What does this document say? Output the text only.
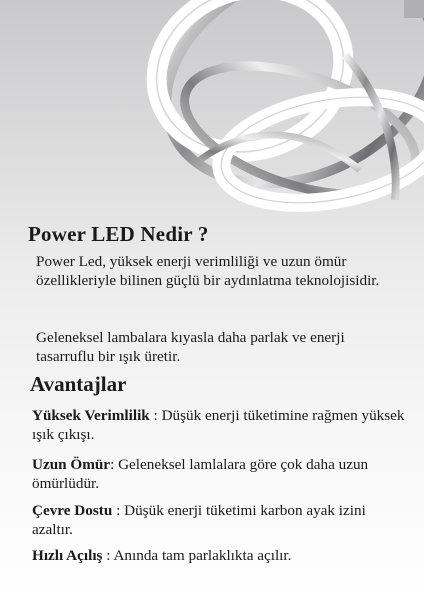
Power LED Nedir ?
Power Led, yüksek enerji verimliliği ve uzun ömür özellikleriyle bilinen güçlü bir aydınlatma teknolojisidir.
Geleneksel lambalara kıyasla daha parlak ve enerji tasarruflu bir ışık üretir.
Avantajlar
Yüksek Verimlilik : Düşük enerji tüketimine rağmen yüksek ışık çıkışı.
Uzun Ömür: Geleneksel lamlalara göre çok daha uzun ömürlüdür.
Çevre Dostu : Düşük enerji tüketimi karbon ayak izini azaltır.
Hızlı Açılış : Anında tam parlaklıkta açılır.
